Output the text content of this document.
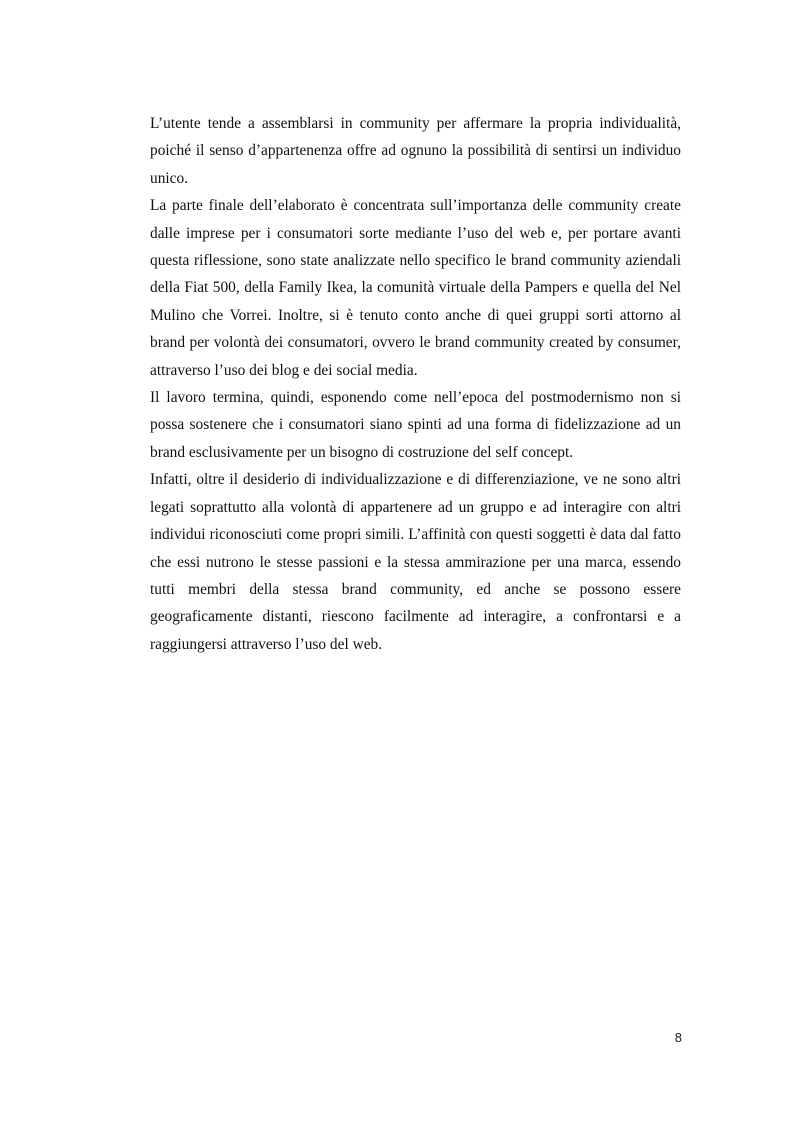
L’utente tende a assemblarsi in community per affermare la propria individualità, poiché il senso d’appartenenza offre ad ognuno la possibilità di sentirsi un individuo unico.

La parte finale dell’elaborato è concentrata sull’importanza delle community create dalle imprese per i consumatori sorte mediante l’uso del web e, per portare avanti questa riflessione, sono state analizzate nello specifico le brand community aziendali della Fiat 500, della Family Ikea, la comunità virtuale della Pampers e quella del Nel Mulino che Vorrei. Inoltre, si è tenuto conto anche di quei gruppi sorti attorno al brand per volontà dei consumatori, ovvero le brand community created by consumer, attraverso l’uso dei blog e dei social media.

Il lavoro termina, quindi, esponendo come nell’epoca del postmodernismo non si possa sostenere che i consumatori siano spinti ad una forma di fidelizzazione ad un brand esclusivamente per un bisogno di costruzione del self concept.

Infatti, oltre il desiderio di individualizzazione e di differenziazione, ve ne sono altri legati soprattutto alla volontà di appartenere ad un gruppo e ad interagire con altri individui riconosciuti come propri simili. L’affinità con questi soggetti è data dal fatto che essi nutrono le stesse passioni e la stessa ammirazione per una marca, essendo tutti membri della stessa brand community, ed anche se possono essere geograficamente distanti, riescono facilmente ad interagire, a confrontarsi e a raggiungersi attraverso l’uso del web.

8
